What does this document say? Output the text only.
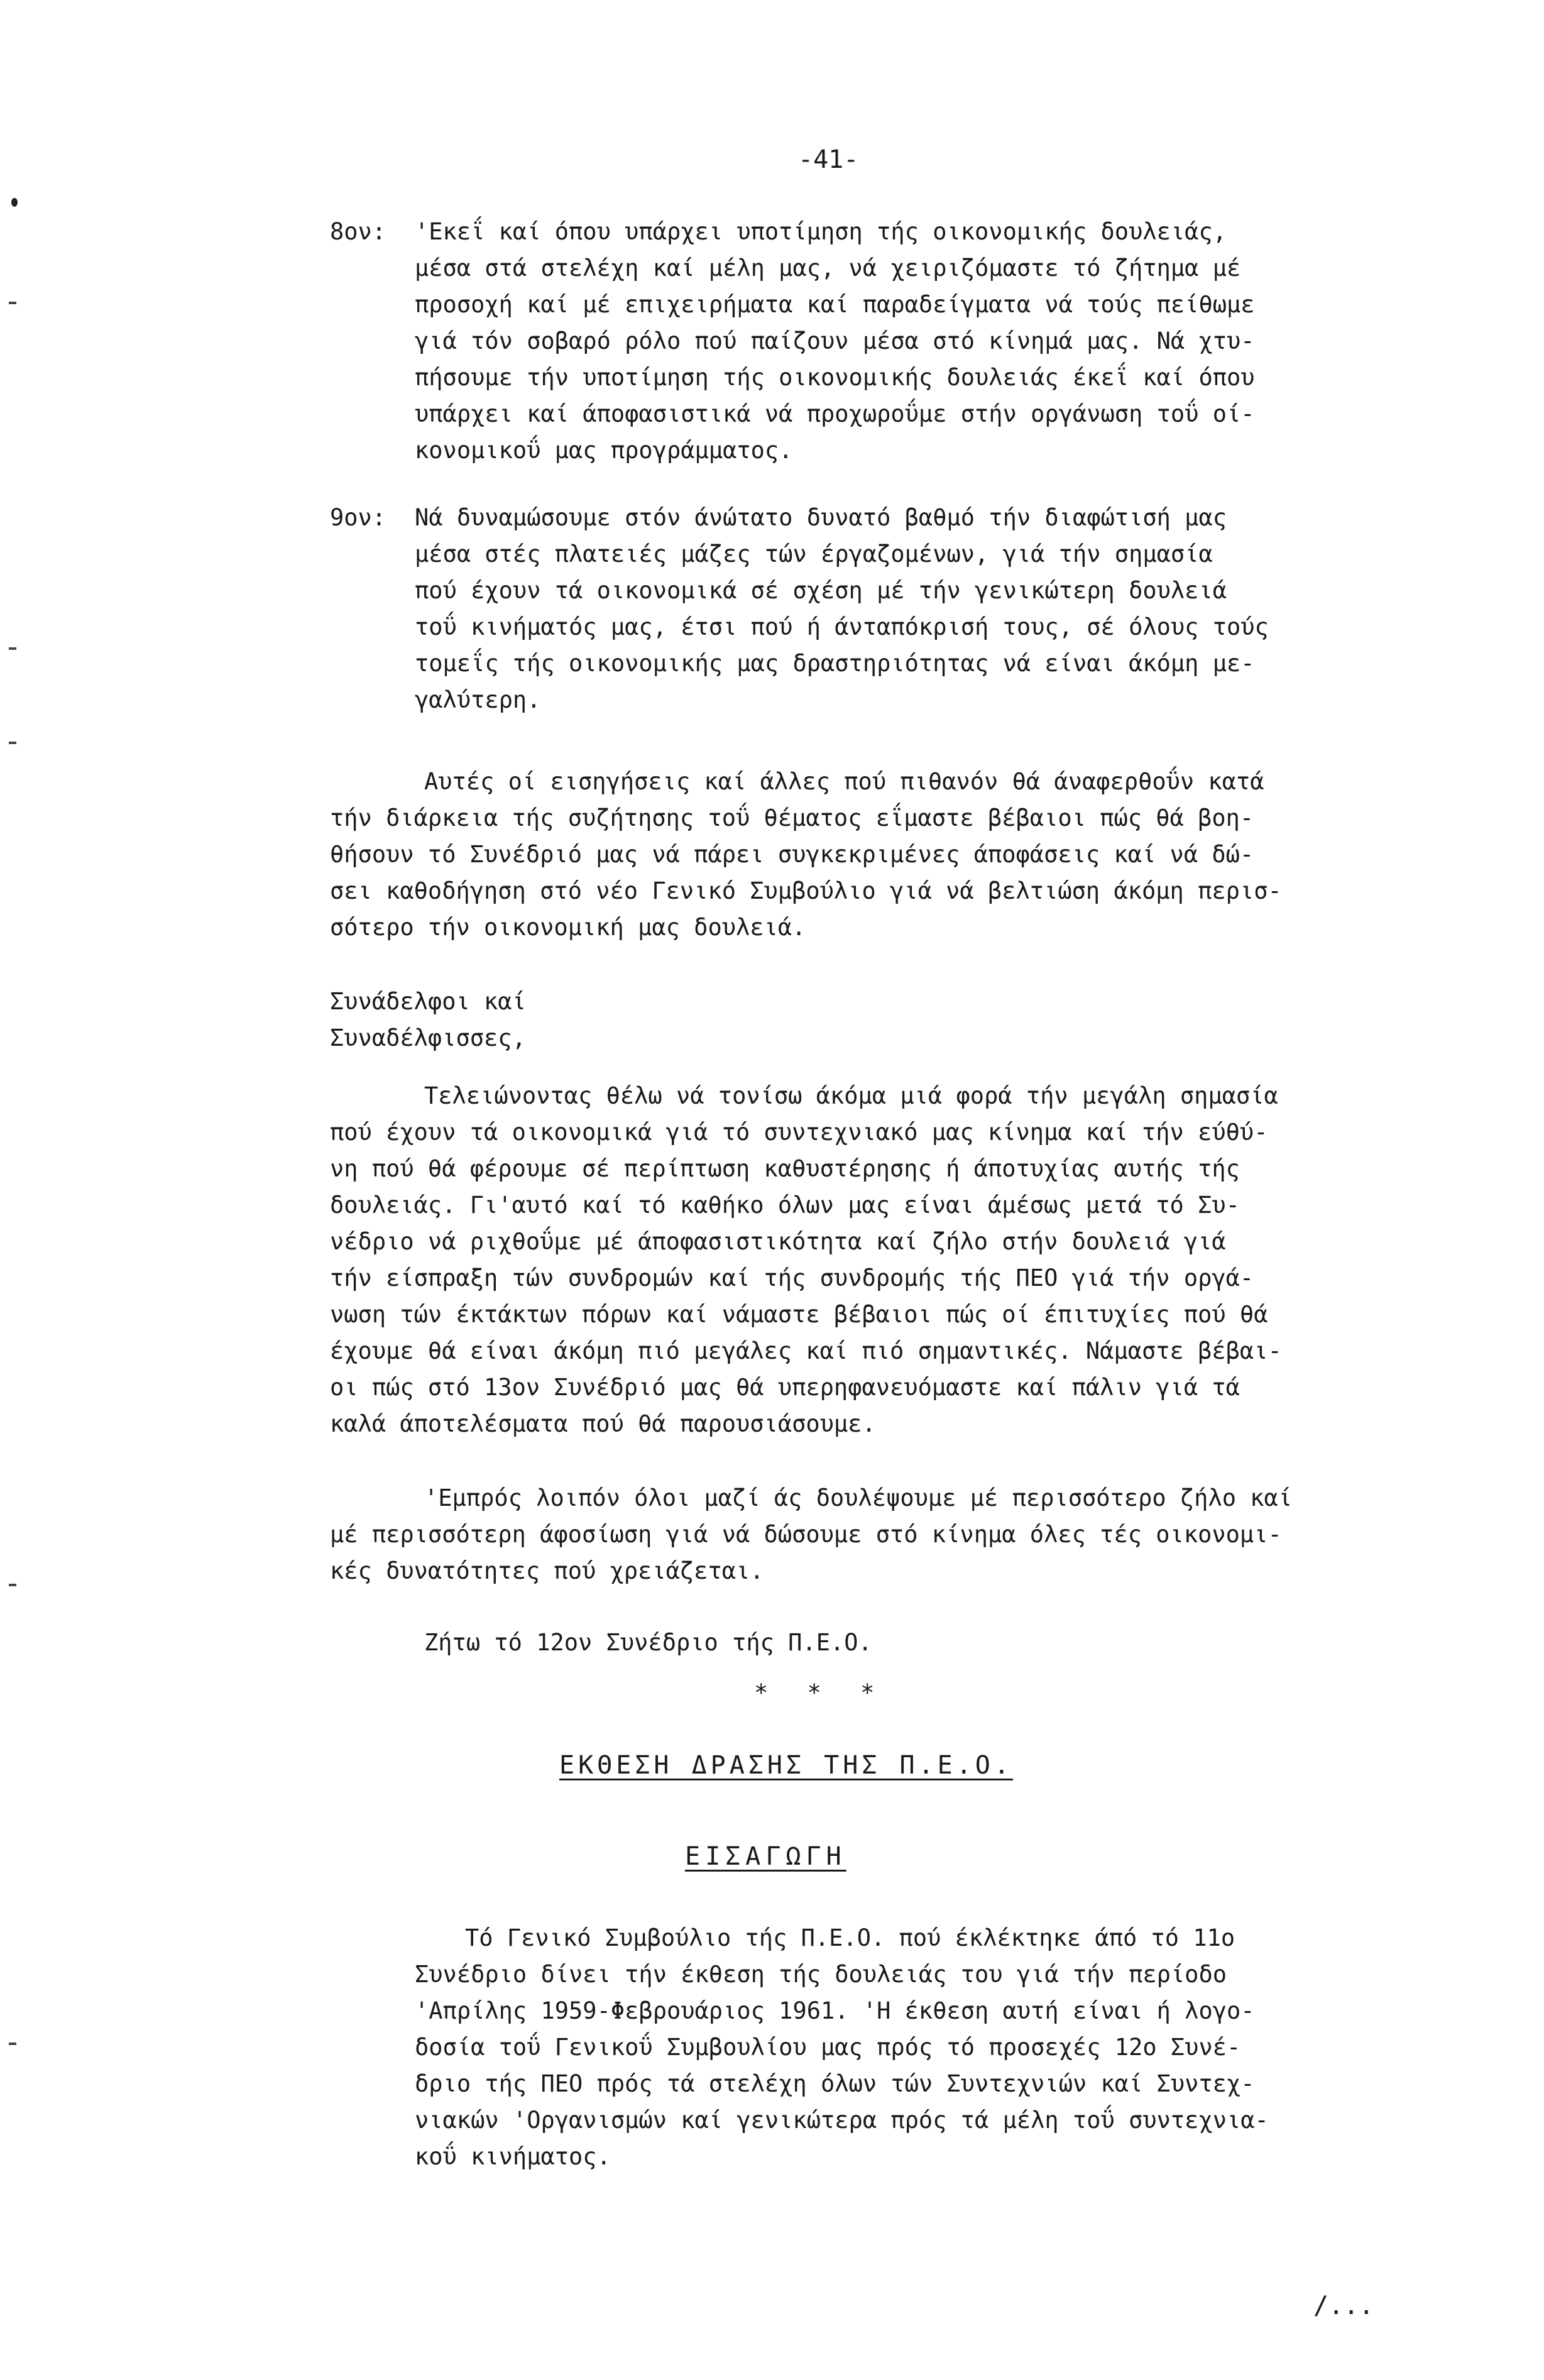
-41-
8ον: 'Εκεΐ καί όπου υπάρχει υποτίμηση τής οικονομικής δουλειάς,
μέσα στά στελέχη καί μέλη μας, νά χειριζόμαστε τό ζήτημα μέ
προσοχή καί μέ επιχειρήματα καί παραδείγματα νά τούς πείθωμε
γιά τόν σοβαρό ρόλο πού παίζουν μέσα στό κίνημά μας. Νά χτυ-
πήσουμε τήν υποτίμηση τής οικονομικής δουλειάς έκεΐ καί όπου
υπάρχει καί άποφασιστικά νά προχωροΰμε στήν οργάνωση τοΰ οί-
κονομικοΰ μας προγράμματος.
9ον: Νά δυναμώσουμε στόν άνώτατο δυνατό βαθμό τήν διαφώτισή μας
μέσα στές πλατειές μάζες τών έργαζομένων, γιά τήν σημασία
πού έχουν τά οικονομικά σέ σχέση μέ τήν γενικώτερη δουλειά
τοΰ κινήματός μας, έτσι πού ή άνταπόκρισή τους, σέ όλους τούς
τομεΐς τής οικονομικής μας δραστηριότητας νά είναι άκόμη με-
γαλύτερη.
Αυτές οί εισηγήσεις καί άλλες πού πιθανόν θά άναφερθοΰν κατά
τήν διάρκεια τής συζήτησης τοΰ θέματος εΐμαστε βέβαιοι πώς θά βοη-
θήσουν τό Συνέδριό μας νά πάρει συγκεκριμένες άποφάσεις καί νά δώ-
σει καθοδήγηση στό νέο Γενικό Συμβούλιο γιά νά βελτιώση άκόμη περισ-
σότερο τήν οικονομική μας δουλειά.
Συνάδελφοι καί
Συναδέλφισσες,
Τελειώνοντας θέλω νά τονίσω άκόμα μιά φορά τήν μεγάλη σημασία
πού έχουν τά οικονομικά γιά τό συντεχνιακό μας κίνημα καί τήν εύθύ-
νη πού θά φέρουμε σέ περίπτωση καθυστέρησης ή άποτυχίας αυτής τής
δουλειάς. Γι'αυτό καί τό καθήκο όλων μας είναι άμέσως μετά τό Συ-
νέδριο νά ριχθοΰμε μέ άποφασιστικότητα καί ζήλο στήν δουλειά γιά
τήν είσπραξη τών συνδρομών καί τής συνδρομής τής ΠΕΟ γιά τήν οργά-
νωση τών έκτάκτων πόρων καί νάμαστε βέβαιοι πώς οί έπιτυχίες πού θά
έχουμε θά είναι άκόμη πιό μεγάλες καί πιό σημαντικές. Νάμαστε βέβαι-
οι πώς στό 13ον Συνέδριό μας θά υπερηφανευόμαστε καί πάλιν γιά τά
καλά άποτελέσματα πού θά παρουσιάσουμε.
'Εμπρός λοιπόν όλοι μαζί άς δουλέψουμε μέ περισσότερο ζήλο καί
μέ περισσότερη άφοσίωση γιά νά δώσουμε στό κίνημα όλες τές οικονομι-
κές δυνατότητες πού χρειάζεται.
Ζήτω τό 12ον Συνέδριο τής Π.Ε.Ο.
* * *
ΕΚΘΕΣΗ ΔΡΑΣΗΣ ΤΗΣ Π.Ε.Ο.
ΕΙΣΑΓΩΓΗ
Τό Γενικό Συμβούλιο τής Π.Ε.Ο. πού έκλέκτηκε άπό τό 11ο
Συνέδριο δίνει τήν έκθεση τής δουλειάς του γιά τήν περίοδο
'Απρίλης 1959-Φεβρουάριος 1961. 'Η έκθεση αυτή είναι ή λογο-
δοσία τοΰ Γενικοΰ Συμβουλίου μας πρός τό προσεχές 12ο Συνέ-
δριο τής ΠΕΟ πρός τά στελέχη όλων τών Συντεχνιών καί Συντεχ-
νιακών 'Οργανισμών καί γενικώτερα πρός τά μέλη τοΰ συντεχνια-
κοΰ κινήματος.
/...
